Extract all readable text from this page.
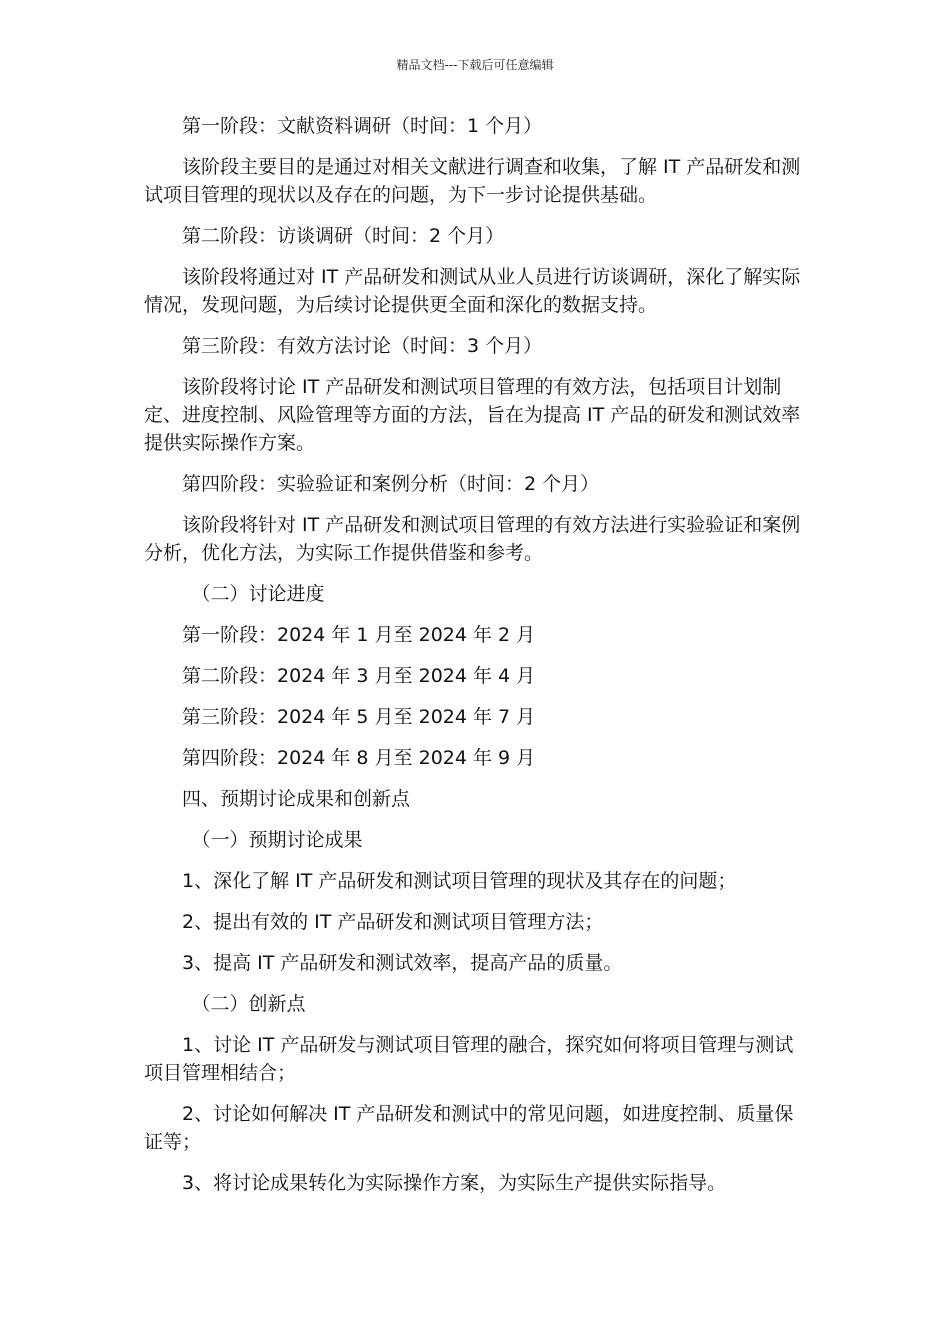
精品文档---下载后可任意编辑

第一阶段：文献资料调研（时间：1 个月）

该阶段主要目的是通过对相关文献进行调查和收集，了解 IT 产品研发和测试项目管理的现状以及存在的问题，为下一步讨论提供基础。

第二阶段：访谈调研（时间：2 个月）

该阶段将通过对 IT 产品研发和测试从业人员进行访谈调研，深化了解实际情况，发现问题，为后续讨论提供更全面和深化的数据支持。

第三阶段：有效方法讨论（时间：3 个月）

该阶段将讨论 IT 产品研发和测试项目管理的有效方法，包括项目计划制定、进度控制、风险管理等方面的方法，旨在为提高 IT 产品的研发和测试效率提供实际操作方案。

第四阶段：实验验证和案例分析（时间：2 个月）

该阶段将针对 IT 产品研发和测试项目管理的有效方法进行实验验证和案例分析，优化方法，为实际工作提供借鉴和参考。

（二）讨论进度

第一阶段：2024 年 1 月至 2024 年 2 月

第二阶段：2024 年 3 月至 2024 年 4 月

第三阶段：2024 年 5 月至 2024 年 7 月

第四阶段：2024 年 8 月至 2024 年 9 月

四、预期讨论成果和创新点

（一）预期讨论成果

1、深化了解 IT 产品研发和测试项目管理的现状及其存在的问题；

2、提出有效的 IT 产品研发和测试项目管理方法；

3、提高 IT 产品研发和测试效率，提高产品的质量。

（二）创新点

1、讨论 IT 产品研发与测试项目管理的融合，探究如何将项目管理与测试项目管理相结合；

2、讨论如何解决 IT 产品研发和测试中的常见问题，如进度控制、质量保证等；

3、将讨论成果转化为实际操作方案，为实际生产提供实际指导。
